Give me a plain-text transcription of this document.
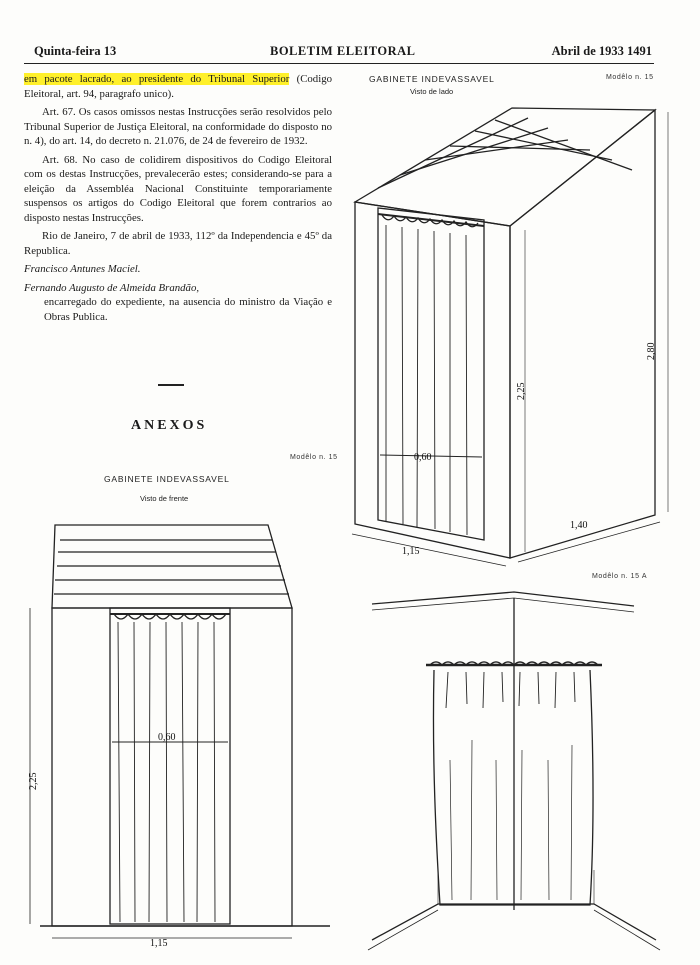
Quinta-feira 13	BOLETIM ELEITORAL	Abril de 1933 1491

em pacote lacrado, ao presidente do Tribunal Superior (Codigo Eleitoral, art. 94, paragrafo unico).

Art. 67. Os casos omissos nestas Instrucções serão resolvidos pelo Tribunal Superior de Justiça Eleitoral, na conformidade do disposto no n. 4), do art. 14, do decreto n. 21.076, de 24 de fevereiro de 1932.

Art. 68. No caso de colidirem dispositivos do Codigo Eleitoral com os destas Instrucções, prevalecerão estes; considerando-se para a eleição da Assembléa Nacional Constituinte temporariamente suspensos os artigos do Codigo Eleitoral que forem contrarios ao disposto nestas Instrucções.

Rio de Janeiro, 7 de abril de 1933, 112º da Independencia e 45º da Republica.

Francisco Antunes Maciel.

Fernando Augusto de Almeida Brandão,
encarregado do expediente, na ausencia do ministro da Viação e Obras Publica.

ANEXOS
Modêlo n. 15
GABINETE INDEVASSAVEL
Visto de frente
GABINETE INDEVASSAVEL
Visto de lado
Modêlo n. 15
Modêlo n. 15 A
0,60
2,25
1,15
0,60
2,25
2,80
1,15
1,40
